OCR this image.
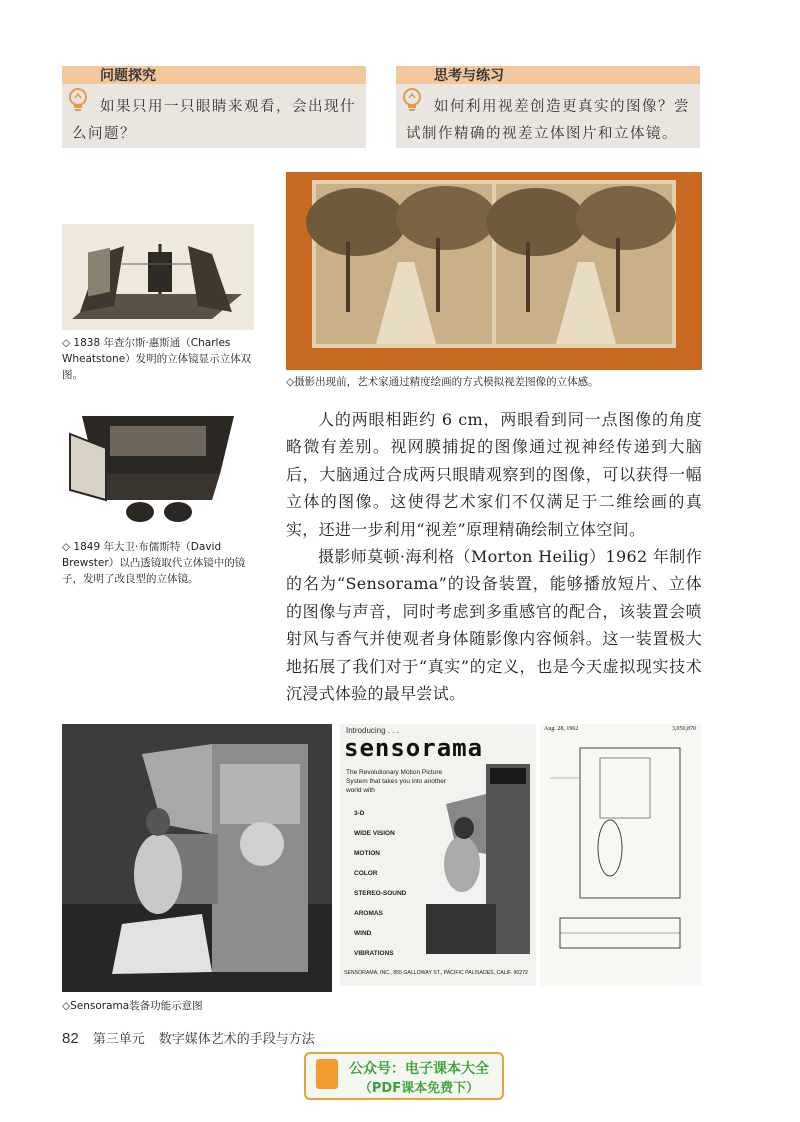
问题探究
如果只用一只眼睛来观看，会出现什么问题？
思考与练习
如何利用视差创造更真实的图像？尝试制作精确的视差立体图片和立体镜。
◇ 1838 年查尔斯·惠斯通（Charles Wheatstone）发明的立体镜显示立体双图。
◇摄影出现前，艺术家通过精度绘画的方式模拟视差图像的立体感。
◇ 1849 年大卫·布儒斯特（David Brewster）以凸透镜取代立体镜中的镜子，发明了改良型的立体镜。

人的两眼相距约 6 cm，两眼看到同一点图像的角度略微有差别。视网膜捕捉的图像通过视神经传递到大脑后，大脑通过合成两只眼睛观察到的图像，可以获得一幅立体的图像。这使得艺术家们不仅满足于二维绘画的真实，还进一步利用“视差”原理精确绘制立体空间。

摄影师莫顿·海利格（Morton Heilig）1962 年制作的名为“Sensorama”的设备装置，能够播放短片、立体的图像与声音，同时考虑到多重感官的配合，该装置会喷射风与香气并使观者身体随影像内容倾斜。这一装置极大地拓展了我们对于“真实”的定义，也是今天虚拟现实技术沉浸式体验的最早尝试。

◇Sensorama装备功能示意图
Introducing . . .
sensorama
The Revolutionary Motion Picture System that takes you into another world with
3-D
WIDE VISION
MOTION
COLOR
STEREO-SOUND
AROMAS
WIND
VIBRATIONS
SENSORAMA, INC., 855 GALLOWAY ST., PACIFIC PALISADES, CALIF. 90272
Aug. 28, 1962	3,050,870
82 第三单元 数字媒体艺术的手段与方法
公众号：电子课本大全
（PDF课本免费下）
